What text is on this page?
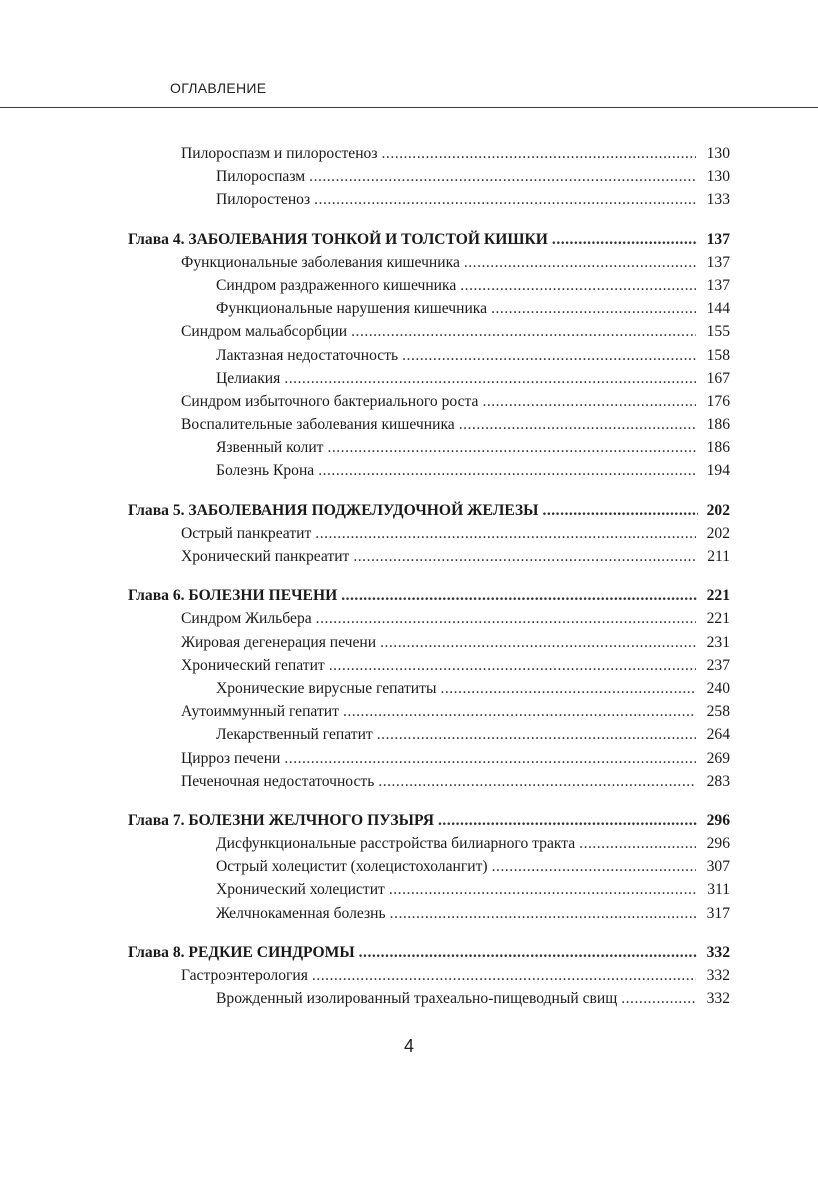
ОГЛАВЛЕНИЕ
Пилороспазм и пилоростеноз .....	130
Пилороспазм .....	130
Пилоростеноз .....	133
Глава 4. ЗАБОЛЕВАНИЯ ТОНКОЙ И ТОЛСТОЙ КИШКИ .....	137
Функциональные заболевания кишечника .....	137
Синдром раздраженного кишечника .....	137
Функциональные нарушения кишечника .....	144
Синдром мальабсорбции .....	155
Лактазная недостаточность .....	158
Целиакия .....	167
Синдром избыточного бактериального роста .....	176
Воспалительные заболевания кишечника .....	186
Язвенный колит .....	186
Болезнь Крона .....	194
Глава 5. ЗАБОЛЕВАНИЯ ПОДЖЕЛУДОЧНОЙ ЖЕЛЕЗЫ .....	202
Острый панкреатит .....	202
Хронический панкреатит .....	211
Глава 6. БОЛЕЗНИ ПЕЧЕНИ .....	221
Синдром Жильбера .....	221
Жировая дегенерация печени .....	231
Хронический гепатит .....	237
Хронические вирусные гепатиты .....	240
Аутоиммунный гепатит .....	258
Лекарственный гепатит .....	264
Цирроз печени .....	269
Печеночная недостаточность .....	283
Глава 7. БОЛЕЗНИ ЖЕЛЧНОГО ПУЗЫРЯ .....	296
Дисфункциональные расстройства билиарного тракта .....	296
Острый холецистит (холецистохолангит) .....	307
Хронический холецистит .....	311
Желчнокаменная болезнь .....	317
Глава 8. РЕДКИЕ СИНДРОМЫ .....	332
Гастроэнтерология .....	332
Врожденный изолированный трахеально-пищеводный свищ .....	332
4
